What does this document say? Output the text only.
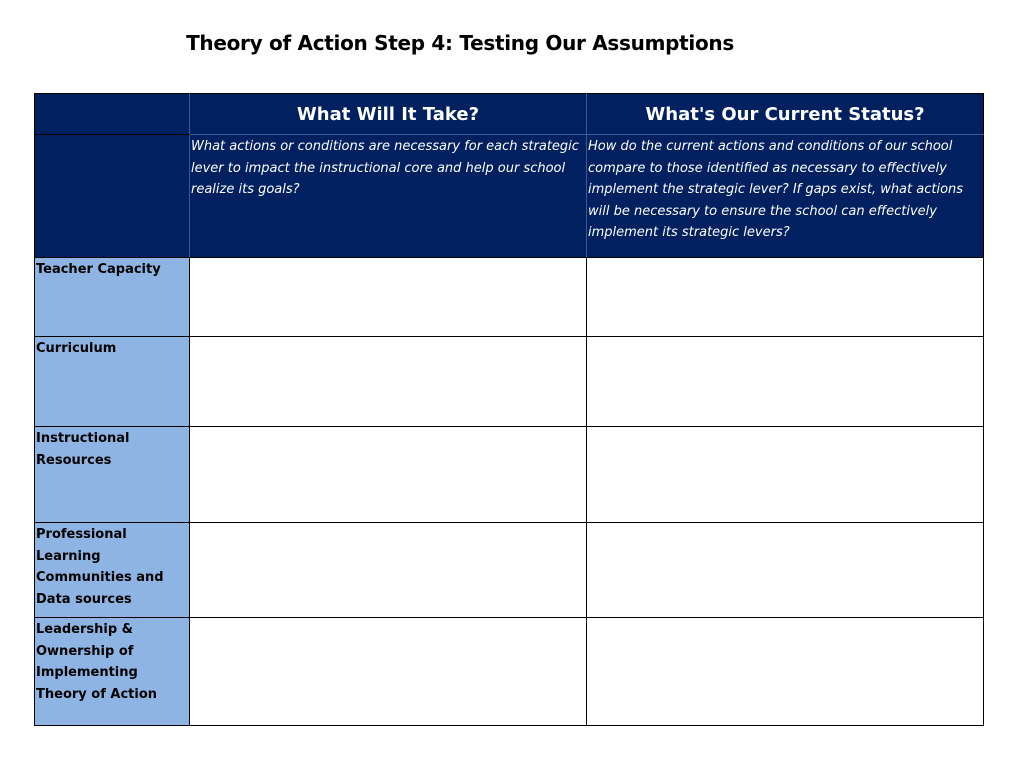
Theory of Action Step 4: Testing Our Assumptions
	What Will It Take?	What's Our Current Status?

	What actions or conditions are necessary for each strategic lever to impact the instructional core and help our school realize its goals?	How do the current actions and conditions of our school compare to those identified as necessary to effectively implement the strategic lever? If gaps exist, what actions will be necessary to ensure the school can effectively implement its strategic levers?

Teacher Capacity		
Curriculum		
Instructional Resources		
Professional Learning Communities and Data sources		
Leadership & Ownership of Implementing Theory of Action		
